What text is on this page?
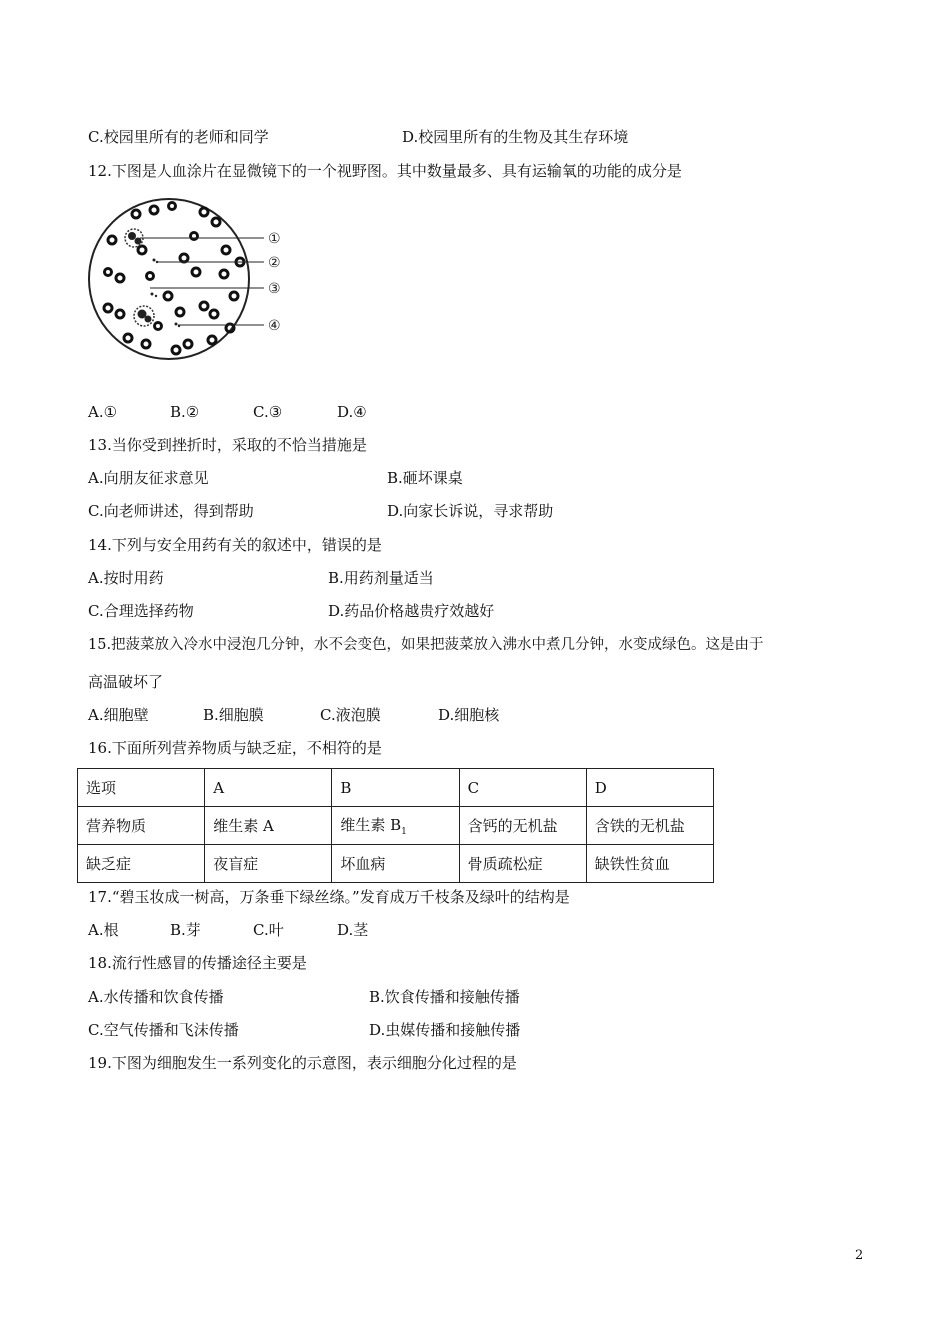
C.校园里所有的老师和同学	D.校园里所有的生物及其生存环境
12.下图是人血涂片在显微镜下的一个视野图。其中数量最多、具有运输氧的功能的成分是
①
②
③
④
A.①	B.②	C.③	D.④
13.当你受到挫折时，采取的不恰当措施是
A.向朋友征求意见	B.砸坏课桌
C.向老师讲述，得到帮助	D.向家长诉说，寻求帮助
14.下列与安全用药有关的叙述中，错误的是
A.按时用药	B.用药剂量适当
C.合理选择药物	D.药品价格越贵疗效越好
15.把菠菜放入冷水中浸泡几分钟，水不会变色，如果把菠菜放入沸水中煮几分钟，水变成绿色。这是由于
高温破坏了
A.细胞壁	B.细胞膜	C.液泡膜	D.细胞核
16.下面所列营养物质与缺乏症，不相符的是
选项	A	B	C	D
营养物质	维生素 A	维生素 $B_1$	含钙的无机盐	含铁的无机盐
缺乏症	夜盲症	坏血病	骨质疏松症	缺铁性贫血
17.“碧玉妆成一树高，万条垂下绿丝绦。”发育成万千枝条及绿叶的结构是
A.根	B.芽	C.叶	D.茎
18.流行性感冒的传播途径主要是
A.水传播和饮食传播	B.饮食传播和接触传播
C.空气传播和飞沫传播	D.虫媒传播和接触传播
19.下图为细胞发生一系列变化的示意图，表示细胞分化过程的是
2
